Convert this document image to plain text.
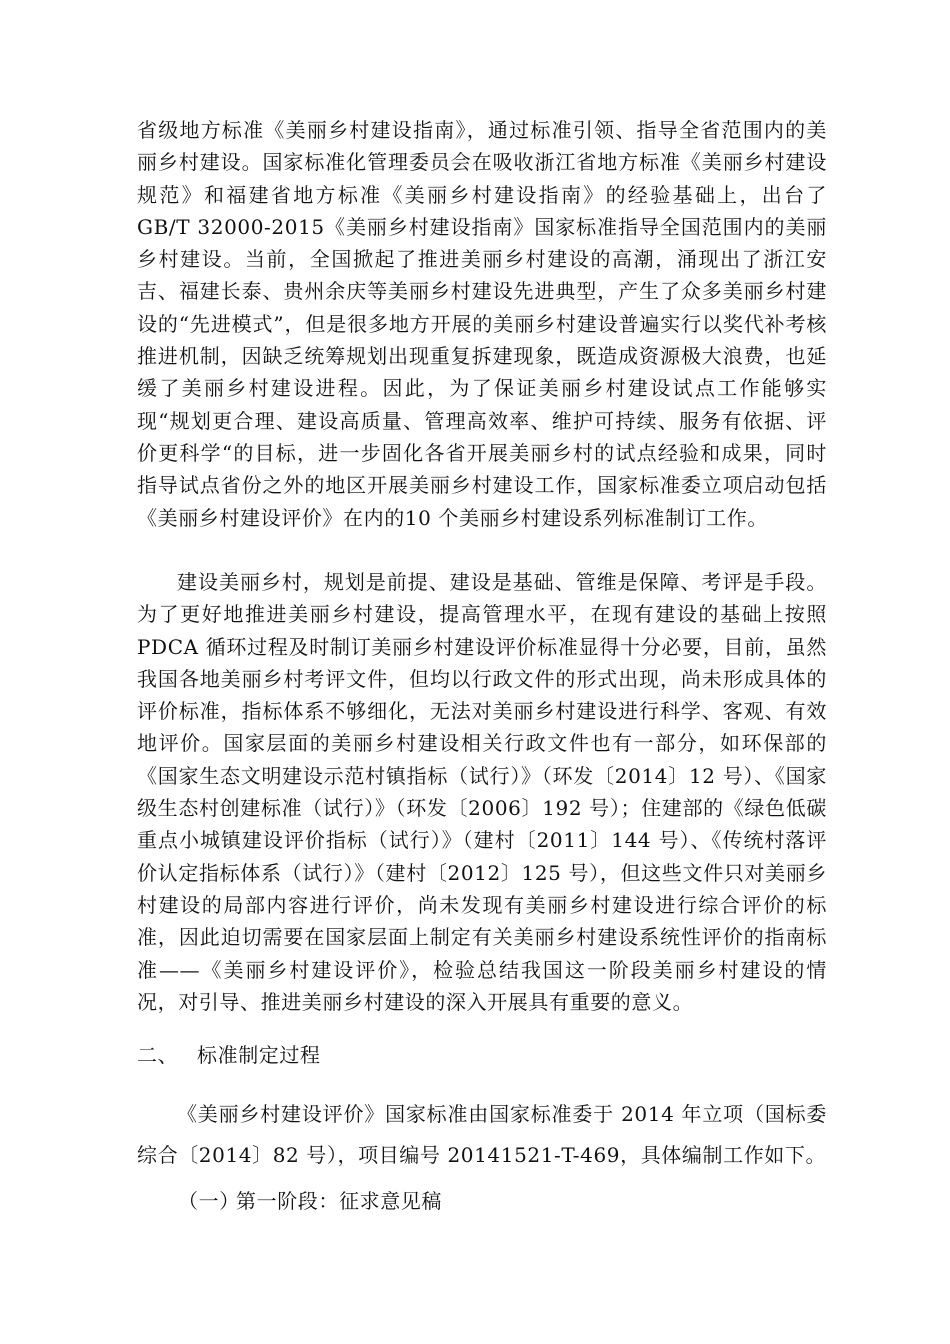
省级地方标准《美丽乡村建设指南》，通过标准引领、指导全省范围内的美丽乡村建设。国家标准化管理委员会在吸收浙江省地方标准《美丽乡村建设规范》和福建省地方标准《美丽乡村建设指南》的经验基础上，出台了 GB/T 32000-2015《美丽乡村建设指南》国家标准指导全国范围内的美丽乡村建设。当前，全国掀起了推进美丽乡村建设的高潮，涌现出了浙江安吉、福建长泰、贵州余庆等美丽乡村建设先进典型，产生了众多美丽乡村建设的“先进模式”，但是很多地方开展的美丽乡村建设普遍实行以奖代补考核推进机制，因缺乏统筹规划出现重复拆建现象，既造成资源极大浪费，也延缓了美丽乡村建设进程。因此，为了保证美丽乡村建设试点工作能够实现“规划更合理、建设高质量、管理高效率、维护可持续、服务有依据、评价更科学“的目标，进一步固化各省开展美丽乡村的试点经验和成果，同时指导试点省份之外的地区开展美丽乡村建设工作，国家标准委立项启动包括《美丽乡村建设评价》在内的10 个美丽乡村建设系列标准制订工作。

建设美丽乡村，规划是前提、建设是基础、管维是保障、考评是手段。为了更好地推进美丽乡村建设，提高管理水平，在现有建设的基础上按照PDCA 循环过程及时制订美丽乡村建设评价标准显得十分必要，目前，虽然我国各地美丽乡村考评文件，但均以行政文件的形式出现，尚未形成具体的评价标准，指标体系不够细化，无法对美丽乡村建设进行科学、客观、有效地评价。国家层面的美丽乡村建设相关行政文件也有一部分，如环保部的《国家生态文明建设示范村镇指标（试行）》（环发〔2014〕12 号）、《国家级生态村创建标准（试行）》（环发〔2006〕192 号）；住建部的《绿色低碳重点小城镇建设评价指标（试行）》（建村〔2011〕144 号）、《传统村落评价认定指标体系（试行）》（建村〔2012〕125 号），但这些文件只对美丽乡村建设的局部内容进行评价，尚未发现有美丽乡村建设进行综合评价的标准，因此迫切需要在国家层面上制定有关美丽乡村建设系统性评价的指南标准——《美丽乡村建设评价》，检验总结我国这一阶段美丽乡村建设的情况，对引导、推进美丽乡村建设的深入开展具有重要的意义。

二、 标准制定过程

《美丽乡村建设评价》国家标准由国家标准委于 2014 年立项（国标委综合〔2014〕82 号），项目编号 20141521-T-469，具体编制工作如下。

（一）第一阶段：征求意见稿
